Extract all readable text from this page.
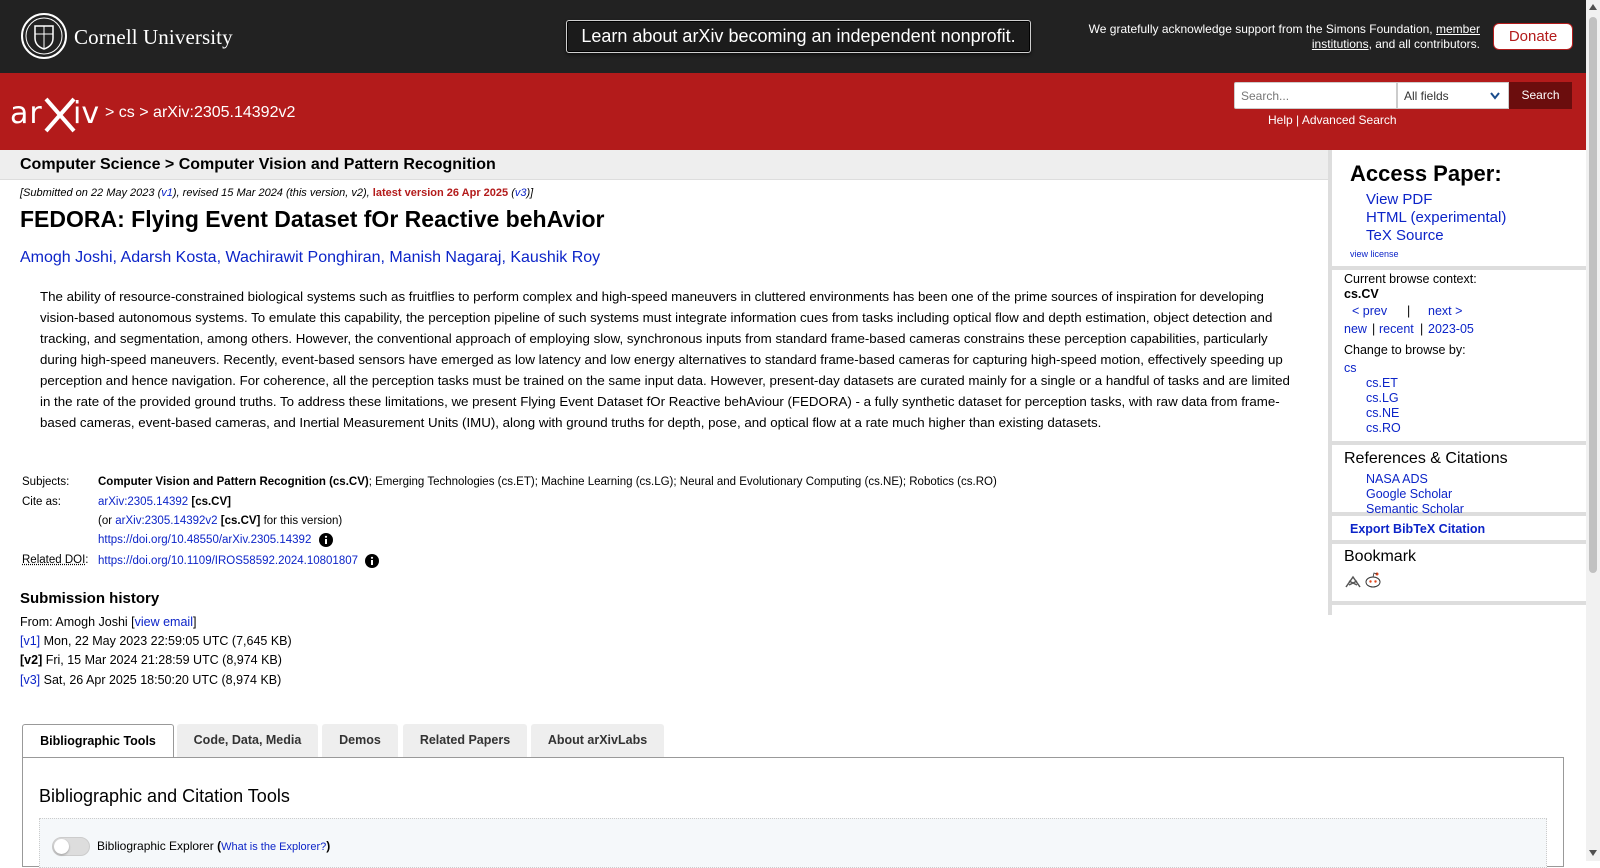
Cornell University	Learn about arXiv becoming an independent nonprofit.	We gratefully acknowledge support from the Simons Foundation, member institutions, and all contributors.	Donate
ar iv > cs > arXiv:2305.14392v2
Search...	All fields	Search
Help | Advanced Search
Computer Science > Computer Vision and Pattern Recognition
[Submitted on 22 May 2023 (v1), revised 15 Mar 2024 (this version, v2), latest version 26 Apr 2025 (v3)]
FEDORA: Flying Event Dataset fOr Reactive behAvior
Amogh Joshi, Adarsh Kosta, Wachirawit Ponghiran, Manish Nagaraj, Kaushik Roy

The ability of resource-constrained biological systems such as fruitflies to perform complex and high-speed maneuvers in cluttered environments has been one of the prime sources of inspiration for developing vision-based autonomous systems. To emulate this capability, the perception pipeline of such systems must integrate information cues from tasks including optical flow and depth estimation, object detection and tracking, and segmentation, among others. However, the conventional approach of employing slow, synchronous inputs from standard frame-based cameras constrains these perception capabilities, particularly during high-speed maneuvers. Recently, event-based sensors have emerged as low latency and low energy alternatives to standard frame-based cameras for capturing high-speed motion, effectively speeding up perception and hence navigation. For coherence, all the perception tasks must be trained on the same input data. However, present-day datasets are curated mainly for a single or a handful of tasks and are limited in the rate of the provided ground truths. To address these limitations, we present Flying Event Dataset fOr Reactive behAviour (FEDORA) - a fully synthetic dataset for perception tasks, with raw data from frame-based cameras, event-based cameras, and Inertial Measurement Units (IMU), along with ground truths for depth, pose, and optical flow at a rate much higher than existing datasets.

Subjects: Computer Vision and Pattern Recognition (cs.CV); Emerging Technologies (cs.ET); Machine Learning (cs.LG); Neural and Evolutionary Computing (cs.NE); Robotics (cs.RO)
Cite as:	arXiv:2305.14392 [cs.CV]
(or arXiv:2305.14392v2 [cs.CV] for this version)
https://doi.org/10.48550/arXiv.2305.14392
Related DOI: https://doi.org/10.1109/IROS58592.2024.10801807
Submission history
From: Amogh Joshi [view email]
[v1] Mon, 22 May 2023 22:59:05 UTC (7,645 KB)
[v2] Fri, 15 Mar 2024 21:28:59 UTC (8,974 KB)
[v3] Sat, 26 Apr 2025 18:50:20 UTC (8,974 KB)
Bibliographic Tools	Code, Data, Media	Demos	Related Papers	About arXivLabs
Bibliographic and Citation Tools
Bibliographic Explorer (What is the Explorer?)
Access Paper:
View PDF
HTML (experimental)
TeX Source
view license
Current browse context:
cs.CV
< prev | next >
new | recent | 2023-05
Change to browse by:
cs
cs.ET
cs.LG
cs.NE
cs.RO
References & Citations
NASA ADS
Google Scholar
Semantic Scholar
Export BibTeX Citation
Bookmark
